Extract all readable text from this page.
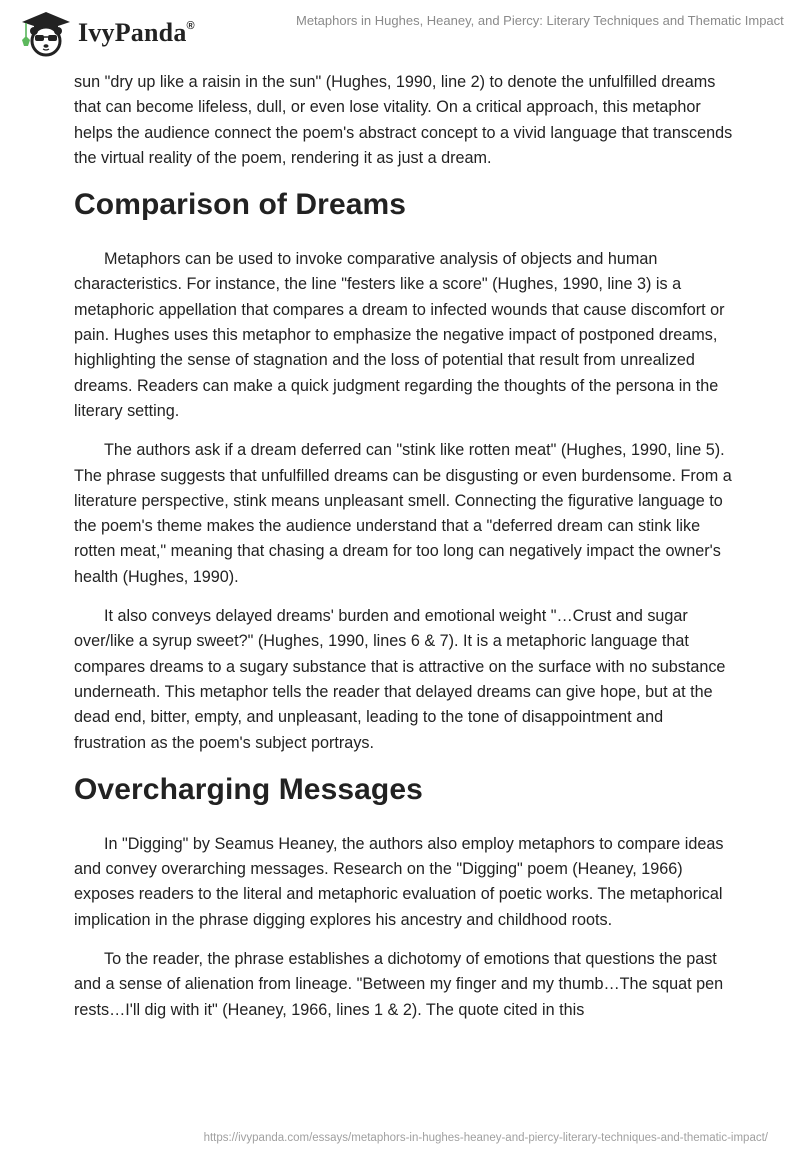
IvyPanda®	Metaphors in Hughes, Heaney, and Piercy: Literary Techniques and Thematic Impact

sun "dry up like a raisin in the sun" (Hughes, 1990, line 2) to denote the unfulfilled dreams that can become lifeless, dull, or even lose vitality. On a critical approach, this metaphor helps the audience connect the poem's abstract concept to a vivid language that transcends the virtual reality of the poem, rendering it as just a dream.

Comparison of Dreams

Metaphors can be used to invoke comparative analysis of objects and human characteristics. For instance, the line "festers like a score" (Hughes, 1990, line 3) is a metaphoric appellation that compares a dream to infected wounds that cause discomfort or pain. Hughes uses this metaphor to emphasize the negative impact of postponed dreams, highlighting the sense of stagnation and the loss of potential that result from unrealized dreams. Readers can make a quick judgment regarding the thoughts of the persona in the literary setting.

The authors ask if a dream deferred can "stink like rotten meat" (Hughes, 1990, line 5). The phrase suggests that unfulfilled dreams can be disgusting or even burdensome. From a literature perspective, stink means unpleasant smell. Connecting the figurative language to the poem's theme makes the audience understand that a "deferred dream can stink like rotten meat," meaning that chasing a dream for too long can negatively impact the owner's health (Hughes, 1990).

It also conveys delayed dreams' burden and emotional weight "…Crust and sugar over/like a syrup sweet?" (Hughes, 1990, lines 6 & 7). It is a metaphoric language that compares dreams to a sugary substance that is attractive on the surface with no substance underneath. This metaphor tells the reader that delayed dreams can give hope, but at the dead end, bitter, empty, and unpleasant, leading to the tone of disappointment and frustration as the poem's subject portrays.

Overcharging Messages

In "Digging" by Seamus Heaney, the authors also employ metaphors to compare ideas and convey overarching messages. Research on the "Digging" poem (Heaney, 1966) exposes readers to the literal and metaphoric evaluation of poetic works. The metaphorical implication in the phrase digging explores his ancestry and childhood roots.

To the reader, the phrase establishes a dichotomy of emotions that questions the past and a sense of alienation from lineage. "Between my finger and my thumb…The squat pen rests…I'll dig with it" (Heaney, 1966, lines 1 & 2). The quote cited in this

https://ivypanda.com/essays/metaphors-in-hughes-heaney-and-piercy-literary-techniques-and-thematic-impact/
